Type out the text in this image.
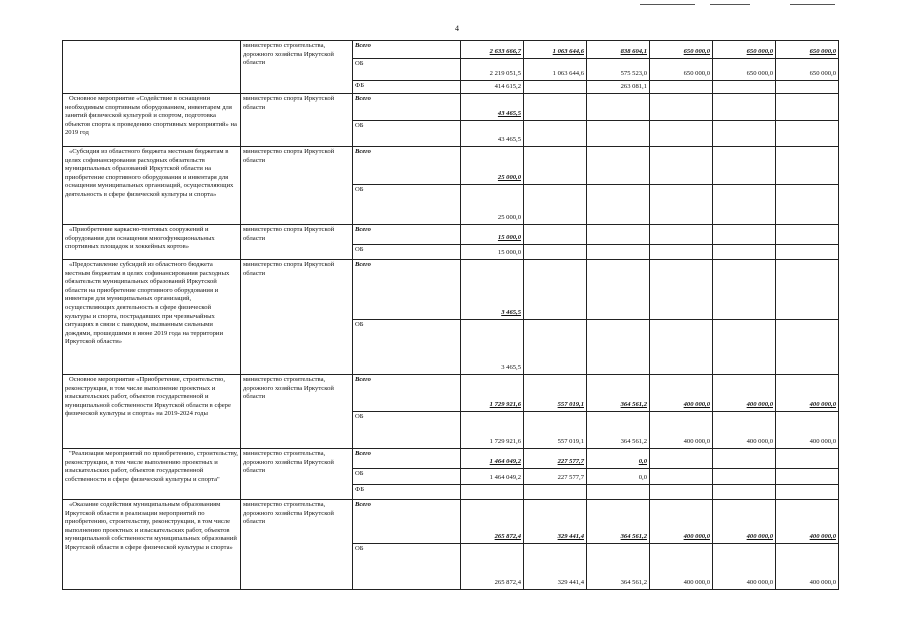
4
	министерство строительства, дорожного хозяйства Иркутской области	Всего	2 633 666,7	1 063 644,6	838 604,1	650 000,0	650 000,0	650 000,0
		ОБ	2 219 051,5	1 063 644,6	575 523,0	650 000,0	650 000,0	650 000,0
		ФБ	414 615,2		263 081,1			
Основное мероприятие «Содействие в оснащении необходимым спортивным оборудованием, инвентарем для занятий физической культурой и спортом, подготовка объектов спорта к проведению спортивных мероприятий» на 2019 год	министерство спорта Иркутской области	Всего	43 465,5					
		ОБ	43 465,5					
«Субсидия из областного бюджета местным бюджетам в целях софинансирования расходных обязательств муниципальных образований Иркутской области на приобретение спортивного оборудования и инвентаря для оснащения муниципальных организаций, осуществляющих деятельность в сфере физической культуры и спорта»	министерство спорта Иркутской области	Всего	25 000,0					
		ОБ	25 000,0					
«Приобретение каркасно-тентовых сооружений и оборудования для оснащения многофункциональных спортивных площадок и хоккейных кортов»	министерство спорта Иркутской области	Всего	15 000,0					
		ОБ	15 000,0					
«Предоставление субсидий из областного бюджета местным бюджетам в целях софинансирования расходных обязательств муниципальных образований Иркутской области на приобретение спортивного оборудования и инвентаря для муниципальных организаций, осуществляющих деятельность в сфере физической культуры и спорта, пострадавших при чрезвычайных ситуациях в связи с паводком, вызванным сильными дождями, прошедшими в июне 2019 года на территории Иркутской области»	министерство спорта Иркутской области	Всего	3 465,5					
		ОБ	3 465,5					
Основное мероприятие «Приобретение, строительство, реконструкция, в том числе выполнение проектных и изыскательских работ, объектов государственной и муниципальной собственности Иркутской области в сфере физической культуры и спорта» на 2019-2024 годы	министерство строительства, дорожного хозяйства Иркутской области	Всего	1 729 921,6	557 019,1	364 561,2	400 000,0	400 000,0	400 000,0
		ОБ	1 729 921,6	557 019,1	364 561,2	400 000,0	400 000,0	400 000,0
"Реализация мероприятий по приобретению, строительству, реконструкции, в том числе выполнению проектных и изыскательских работ, объектов государственной собственности в сфере физической культуры и спорта"	министерство строительства, дорожного хозяйства Иркутской области	Всего	1 464 049,2	227 577,7	0,0			
		ОБ	1 464 049,2	227 577,7	0,0			
		ФБ						
«Оказание содействия муниципальным образованиям Иркутской области в реализации мероприятий по приобретению, строительству, реконструкции, в том числе выполнению проектных и изыскательских работ, объектов муниципальной собственности муниципальных образований Иркутской области в сфере физической культуры и спорта»	министерство строительства, дорожного хозяйства Иркутской области	Всего	265 872,4	329 441,4	364 561,2	400 000,0	400 000,0	400 000,0
		ОБ	265 872,4	329 441,4	364 561,2	400 000,0	400 000,0	400 000,0
